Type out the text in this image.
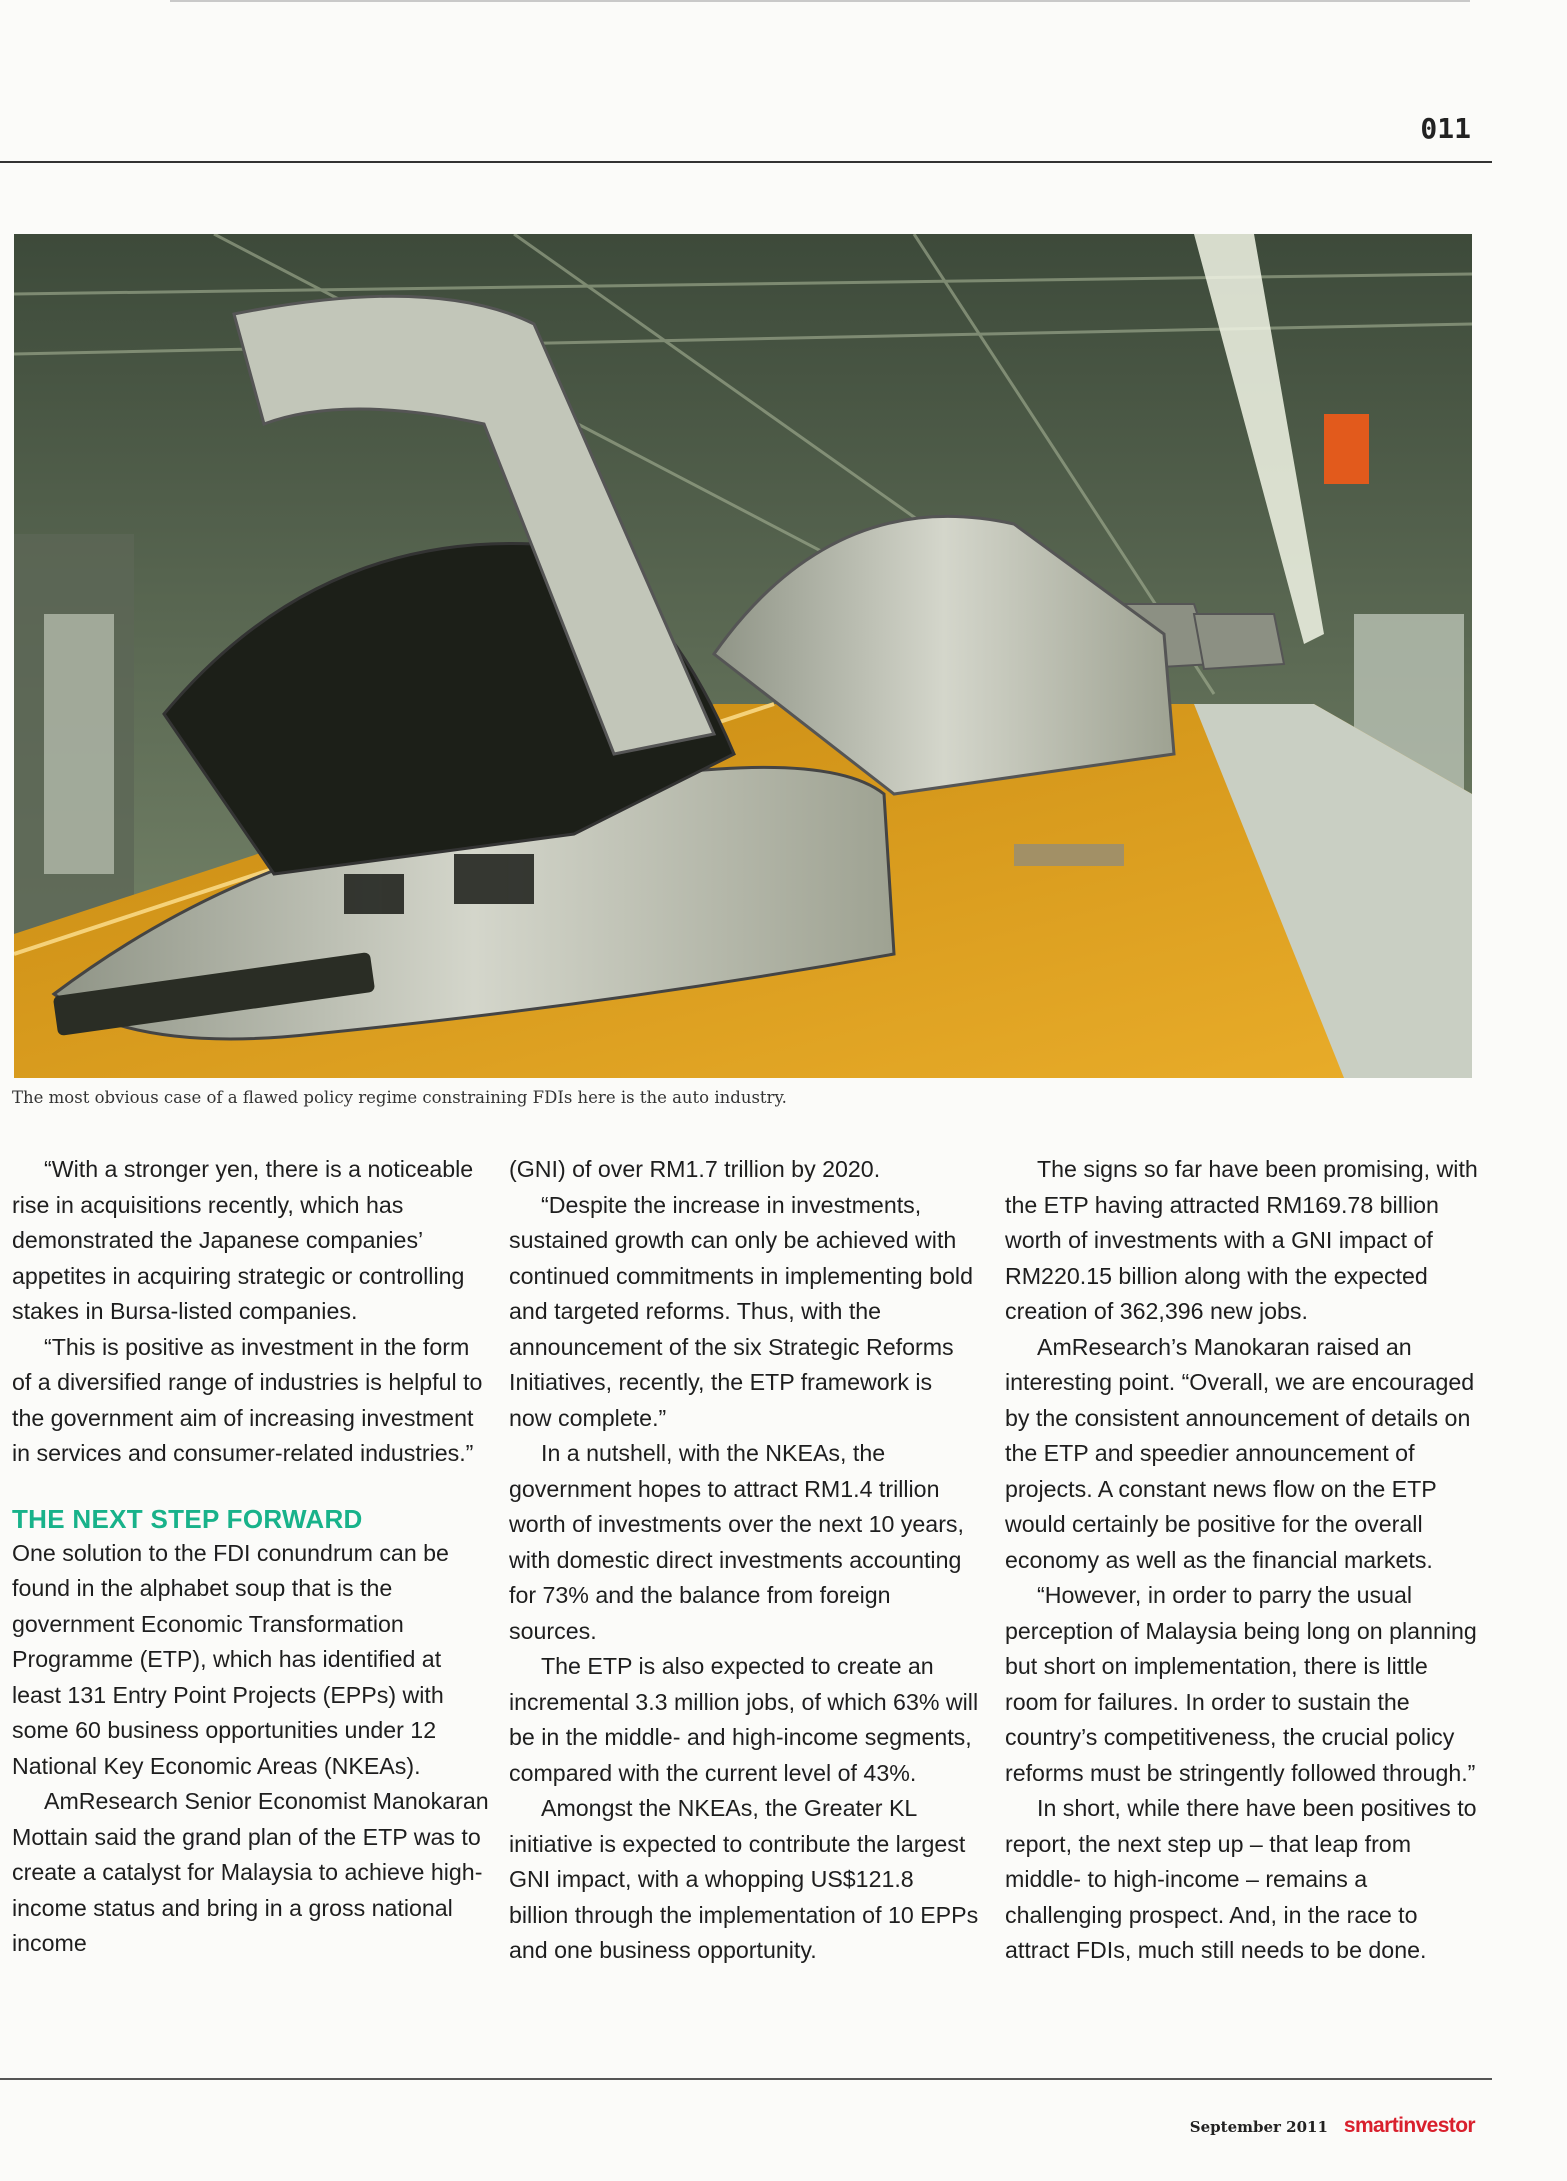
011
The most obvious case of a flawed policy regime constraining FDIs here is the auto industry.

“With a stronger yen, there is a noticeable rise in acquisitions recently, which has demonstrated the Japanese companies’ appetites in acquiring strategic or controlling stakes in Bursa-listed companies.

“This is positive as investment in the form of a diversified range of industries is helpful to the government aim of increasing investment in services and consumer-related industries.”

THE NEXT STEP FORWARD

One solution to the FDI conundrum can be found in the alphabet soup that is the government Economic Transformation Programme (ETP), which has identified at least 131 Entry Point Projects (EPPs) with some 60 business opportunities under 12 National Key Economic Areas (NKEAs).

AmResearch Senior Economist Manokaran Mottain said the grand plan of the ETP was to create a catalyst for Malaysia to achieve high-income status and bring in a gross national income

(GNI) of over RM1.7 trillion by 2020.

“Despite the increase in investments, sustained growth can only be achieved with continued commitments in implementing bold and targeted reforms. Thus, with the announcement of the six Strategic Reforms Initiatives, recently, the ETP framework is now complete.”

In a nutshell, with the NKEAs, the government hopes to attract RM1.4 trillion worth of investments over the next 10 years, with domestic direct investments accounting for 73% and the balance from foreign sources.

The ETP is also expected to create an incremental 3.3 million jobs, of which 63% will be in the middle- and high-income segments, compared with the current level of 43%.

Amongst the NKEAs, the Greater KL initiative is expected to contribute the largest GNI impact, with a whopping US$121.8 billion through the implementation of 10 EPPs and one business opportunity.

The signs so far have been promising, with the ETP having attracted RM169.78 billion worth of investments with a GNI impact of RM220.15 billion along with the expected creation of 362,396 new jobs.

AmResearch’s Manokaran raised an interesting point. “Overall, we are encouraged by the consistent announcement of details on the ETP and speedier announcement of projects. A constant news flow on the ETP would certainly be positive for the overall economy as well as the financial markets.

“However, in order to parry the usual perception of Malaysia being long on planning but short on implementation, there is little room for failures. In order to sustain the country’s competitiveness, the crucial policy reforms must be stringently followed through.”

In short, while there have been positives to report, the next step up – that leap from middle- to high-income – remains a challenging prospect. And, in the race to attract FDIs, much still needs to be done.

September 2011 smartinvestor
